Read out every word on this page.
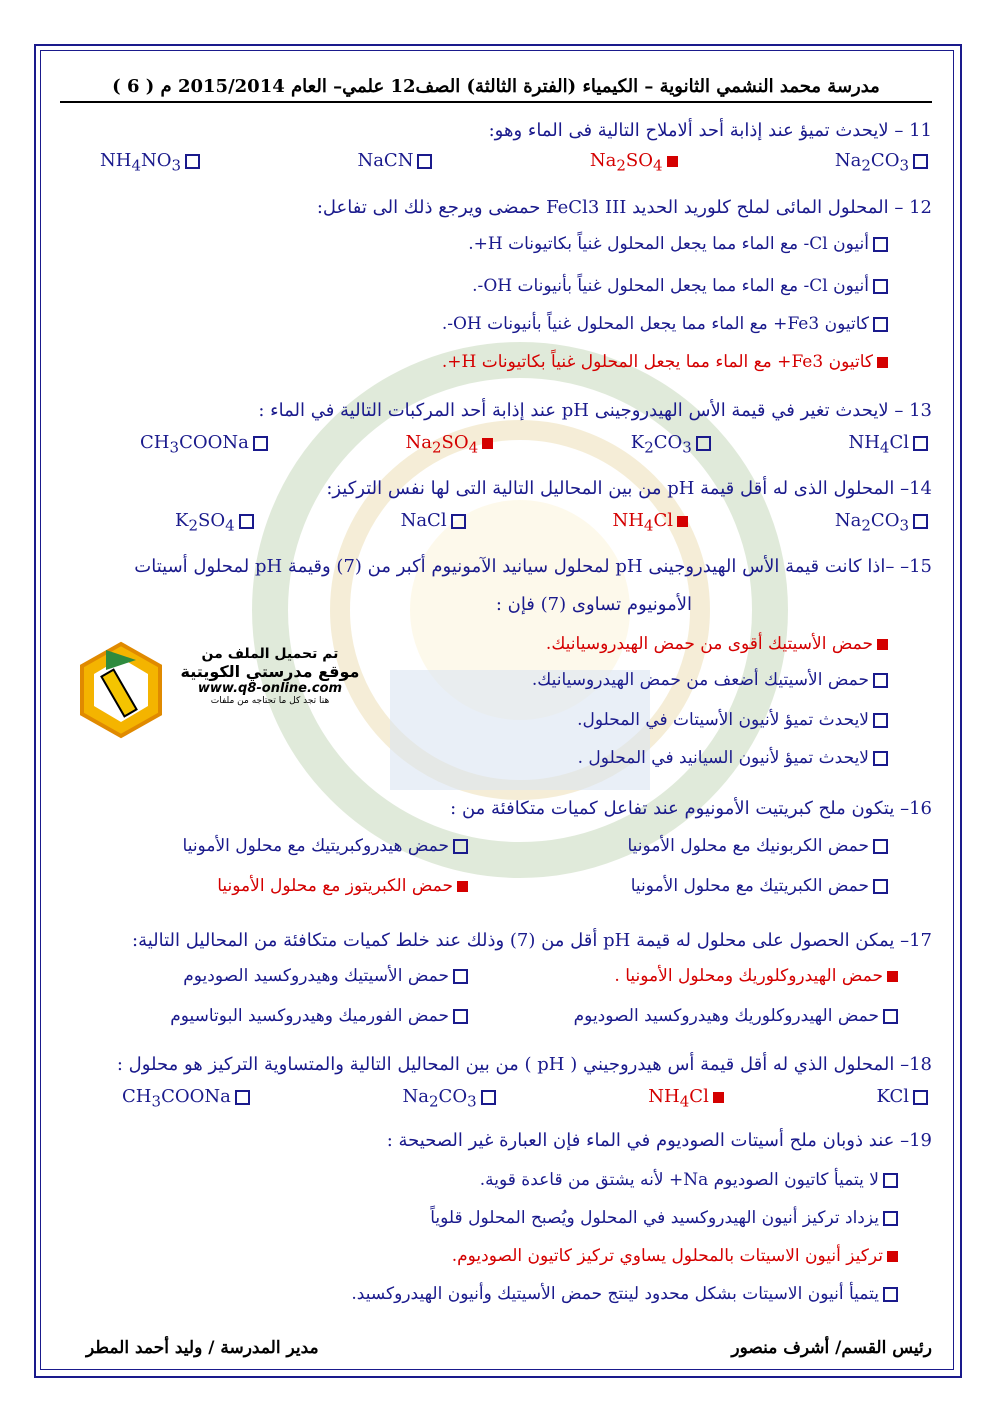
مدرسة محمد النشمي الثانوية – الكيمياء (الفترة الثالثة) الصف12 علمي– العام 2015/2014 م ( 6 )
11 – لايحدث تميؤ عند إذابة أحد ألاملاح التالية فى الماء وهو:
$Na_2CO_3$
$Na_2SO_4$
NaCN
$NH_4NO_3$
12 – المحلول المائى لملح كلوريد الحديد FeCl3 III حمضى ويرجع ذلك الى تفاعل:
أنيون Cl- مع الماء مما يجعل المحلول غنياً بكاتيونات H+.
أنيون Cl- مع الماء مما يجعل المحلول غنياً بأنيونات OH-.
كاتيون Fe3+ مع الماء مما يجعل المحلول غنياً بأنيونات OH-.
كاتيون Fe3+ مع الماء مما يجعل المحلول غنياً بكاتيونات H+.
13 – لايحدث تغير في قيمة الأس الهيدروجينى pH عند إذابة أحد المركبات التالية في الماء :
$NH_4Cl$
$K_2CO_3$
$Na_2SO_4$
$CH_3COONa$
14– المحلول الذى له أقل قيمة pH من بين المحاليل التالية التى لها نفس التركيز:
$Na_2CO_3$
$NH_4Cl$
NaCl
$K_2SO_4$
15– –اذا كانت قيمة الأس الهيدروجينى pH لمحلول سيانيد الآمونيوم أكبر من (7) وقيمة pH لمحلول أسيتات
الأمونيوم تساوى (7) فإن :
حمض الأسيتيك أقوى من حمض الهيدروسيانيك.
حمض الأسيتيك أضعف من حمض الهيدروسيانيك.
لايحدث تميؤ لأنيون الأسيتات في المحلول.
لايحدث تميؤ لأنيون السيانيد في المحلول .
تم تحميل الملف من
موقع مدرستي الكويتية
www.q8-online.com
هنا تجد كل ما تحتاجه من ملفات
16– يتكون ملح كبريتيت الأمونيوم عند تفاعل كميات متكافئة من :
حمض الكربونيك مع محلول الأمونيا
حمض هيدروكبريتيك مع محلول الأمونيا
حمض الكبريتيك مع محلول الأمونيا
حمض الكبريتوز مع محلول الأمونيا
17– يمكن الحصول على محلول له قيمة pH أقل من (7) وذلك عند خلط كميات متكافئة من المحاليل التالية:
حمض الهيدروكلوريك ومحلول الأمونيا .
حمض الأسيتيك وهيدروكسيد الصوديوم
حمض الهيدروكلوريك وهيدروكسيد الصوديوم
حمض الفورميك وهيدروكسيد البوتاسيوم
18– المحلول الذي له أقل قيمة أس هيدروجيني ( pH ) من بين المحاليل التالية والمتساوية التركيز هو محلول :
KCl
$NH_4Cl$
$Na_2CO_3$
$CH_3COONa$
19– عند ذوبان ملح أسيتات الصوديوم في الماء فإن العبارة غير الصحيحة :
لا يتميأ كاتيون الصوديوم Na+ لأنه يشتق من قاعدة قوية.
يزداد تركيز أنيون الهيدروكسيد في المحلول ويُصبح المحلول قلوياً
تركيز أنيون الاسيتات بالمحلول يساوي تركيز كاتيون الصوديوم.
يتميأ أنيون الاسيتات بشكل محدود لينتج حمض الأسيتيك وأنيون الهيدروكسيد.
رئيس القسم/ أشرف منصور
مدير المدرسة / وليد أحمد المطر
